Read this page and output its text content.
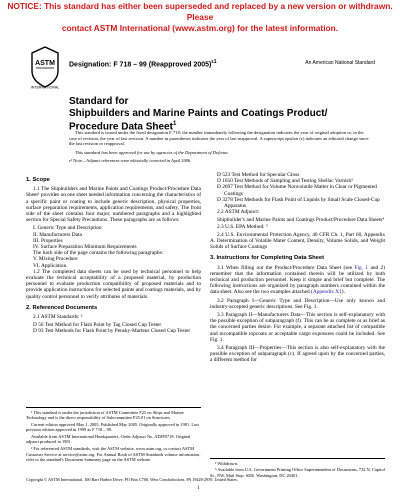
NOTICE: This standard has either been superseded and replaced by a new version or withdrawn. Please
contact ASTM International (www.astm.org) for the latest information.
ASTM
INTERNATIONAL
Designation: F 718 – 99 (Reapproved 2005)$^{\varepsilon 1}$	An American National Standard
Standard for
Shipbuilders and Marine Paints and Coatings Product/
Procedure Data Sheet$^1$

This standard is issued under the fixed designation F 718; the number immediately following the designation indicates the year of original adoption or, in the case of revision, the year of last revision. A number in parentheses indicates the year of last reapproval. A superscript epsilon (ε) indicates an editorial change since the last revision or reapproval.

This standard has been approved for use by agencies of the Department of Defense.

ε¹ Note—Adjunct references were editorially corrected in April 2006.
1. Scope

1.1 The Shipbuilders and Marine Paints and Coatings Product/Procedure Data Sheet¹ provides on one sheet needed information concerning the characteristics of a specific paint or coating to include generic description, physical properties, surface preparation requirements, application requirements, and safety. The front side of the sheet contains four major, numbered paragraphs and a highlighted section for Special Safety Precautions. These paragraphs are as follows:

I. Generic Type and Description
II. Manufacturers Data
III. Properties
IV. Surface Preparation Minimum Requirements
The back side of the page contains the following paragraphs:
V. Mixing Procedure
VI. Application.

1.2 The completed data sheets can be used by technical personnel to help evaluate the technical acceptability of a proposed material, by production personnel to evaluate production compatibility of proposed materials and to provide application instructions for selected paints and coatings materials, and by quality control personnel to verify attributes of materials.

2. Referenced Documents

2.1 ASTM Standards: ²

D 56 Test Method for Flash Point by Tag Closed Cup Tester
D 93 Test Methods for Flash Point by Pensky-Martens Closed Cup Tester
D 523 Test Method for Specular Gloss
D 1650 Test Methods of Sampling and Testing Shellac Varnish³
D 2697 Test Method for Volume Nonvolatile Matter in Clear or Pigmented Coatings
D 3278 Test Methods for Flash Point of Liquids by Small Scale Closed-Cup Apparatus

2.2 ASTM Adjunct:

Shipbuilder's and Marine Paints and Coatings Product/Procedure Data Sheets⁴

2.3 U.S. EPA Method: ⁵

2.4 U.S. Environmental Protection Agency, 40 CFR Ch. 1, Part 60, Appendix A. Determination of Volatile Mater Content, Density, Volume Solids, and Weight Solids of Surface Coatings

3. Instructions for Completing Data Sheet

3.1 When filling out the Product/Procedure Data Sheet (see Fig. 1 and 2) remember that the information contained therein will be utilized by both technical and production personnel. Keep it simple and brief but complete. The following instructions are organized by paragraph numbers contained within the data sheet. Also see the two examples attached (Appendix X1).

3.2 Paragraph I—Generic Type and Description—Use only known and industry-accepted generic descriptions. See Fig. 1.

3.3 Paragraph II—Manufacturers Data—This section is self-explanatory with the possible exception of subparagraph (f). This can be as complete or as brief as the concerned parties desire. For example, a separate attached list of compatible and incompatible topcoats or acceptable cargo exposures could be included. See Fig. 1.

3.4 Paragraph III—Properties—This section is also self-explanatory with the possible exception of subparagraph (c). If agreed upon by the concerned parties, a different method for

¹ This standard is under the jurisdiction of ASTM Committee F25 on Ships and Marine Technology and is the direct responsibility of Subcommittee F25.01 on Structures.

Current edition approved May 1, 2005. Published May 2005. Originally approved in 1981. Last previous edition approved in 1999 as F 718 – 99.

Available from ASTM International Headquarters. Order Adjunct No. ADJF0718. Original adjunct produced in 1981.

² For referenced ASTM standards, visit the ASTM website, www.astm.org, or contact ASTM Customer Service at service@astm.org. For Annual Book of ASTM Standards volume information, refer to the standard's Document Summary page on the ASTM website.

³ Withdrawn.

⁵ Available from U.S. Government Printing Office Superintendent of Documents, 732 N. Capitol St., NW, Mail Stop: SDE, Washington, DC 20401.

Copyright © ASTM International, 100 Barr Harbor Drive, PO Box C700, West Conshohocken, PA 19428-2959, United States.
1
